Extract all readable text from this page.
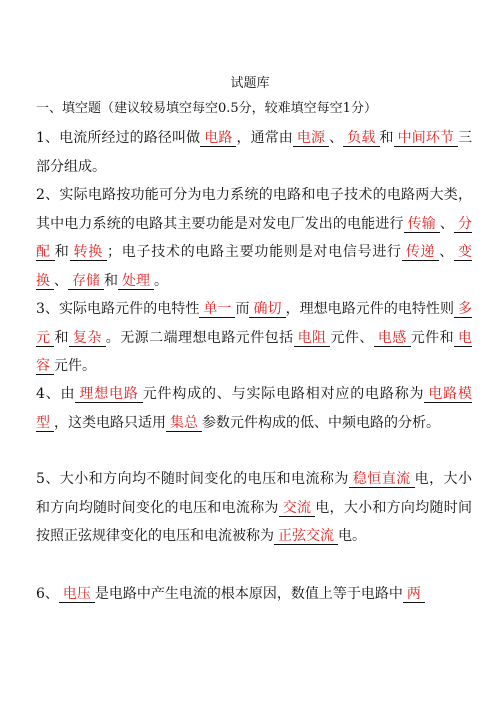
试题库
一、填空题（建议较易填空每空0.5分，较难填空每空1分）
1、电流所经过的路径叫做 电路 ，通常由 电源 、 负载 和 中间环节 三部分组成。
2、实际电路按功能可分为电力系统的电路和电子技术的电路两大类，其中电力系统的电路其主要功能是对发电厂发出的电能进行 传输 、 分配 和 转换 ；电子技术的电路主要功能则是对电信号进行 传递 、 变换 、 存储 和 处理 。
3、实际电路元件的电特性 单一 而 确切 ，理想电路元件的电特性则 多元 和 复杂 。无源二端理想电路元件包括 电阻 元件、 电感 元件和 电容 元件。
4、由 理想电路 元件构成的、与实际电路相对应的电路称为 电路模型 ，这类电路只适用 集总 参数元件构成的低、中频电路的分析。
5、大小和方向均不随时间变化的电压和电流称为 稳恒直流 电，大小和方向均随时间变化的电压和电流称为 交流 电，大小和方向均随时间按照正弦规律变化的电压和电流被称为 正弦交流 电。
6、 电压 是电路中产生电流的根本原因，数值上等于电路中 两
